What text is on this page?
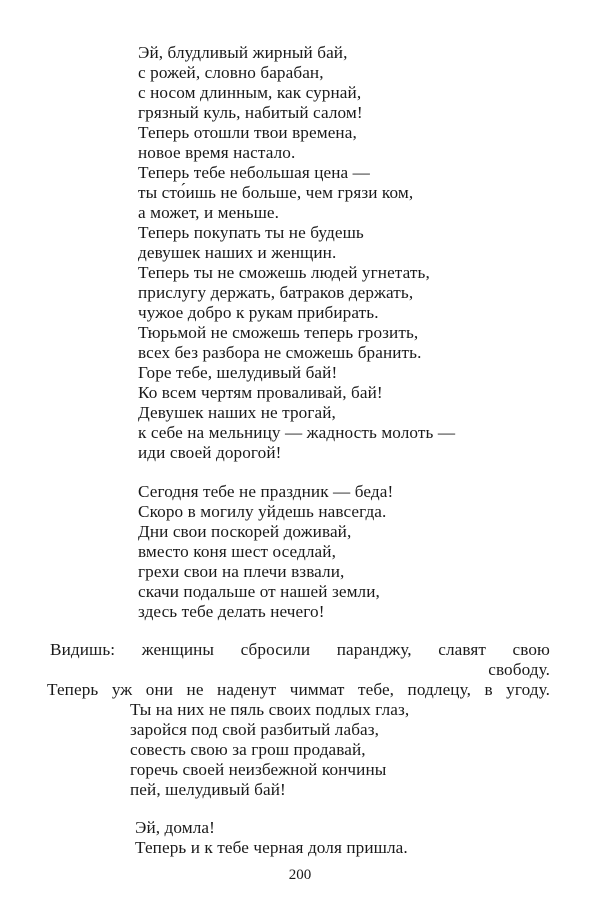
Эй, блудливый жирный бай,
с рожей, словно барабан,
с носом длинным, как сурнай,
грязный куль, набитый салом!
Теперь отошли твои времена,
новое время настало.
Теперь тебе небольшая цена —
ты сто́ишь не больше, чем грязи ком,
а может, и меньше.
Теперь покупать ты не будешь
девушек наших и женщин.
Теперь ты не сможешь людей угнетать,
прислугу держать, батраков держать,
чужое добро к рукам прибирать.
Тюрьмой не сможешь теперь грозить,
всех без разбора не сможешь бранить.
Горе тебе, шелудивый бай!
Ко всем чертям проваливай, бай!
Девушек наших не трогай,
к себе на мельницу — жадность молоть —
иди своей дорогой!
Сегодня тебе не праздник — беда!
Скоро в могилу уйдешь навсегда.
Дни свои поскорей доживай,
вместо коня шест оседлай,
грехи свои на плечи взвали,
скачи подальше от нашей земли,
здесь тебе делать нечего!
Видишь: женщины сбросили паранджу, славят свою
свободу.
Теперь уж они не наденут чиммат тебе, подлецу, в угоду.
Ты на них не пяль своих подлых глаз,
заройся под свой разбитый лабаз,
совесть свою за грош продавай,
горечь своей неизбежной кончины
пей, шелудивый бай!
Эй, домла!
Теперь и к тебе черная доля пришла.
200
